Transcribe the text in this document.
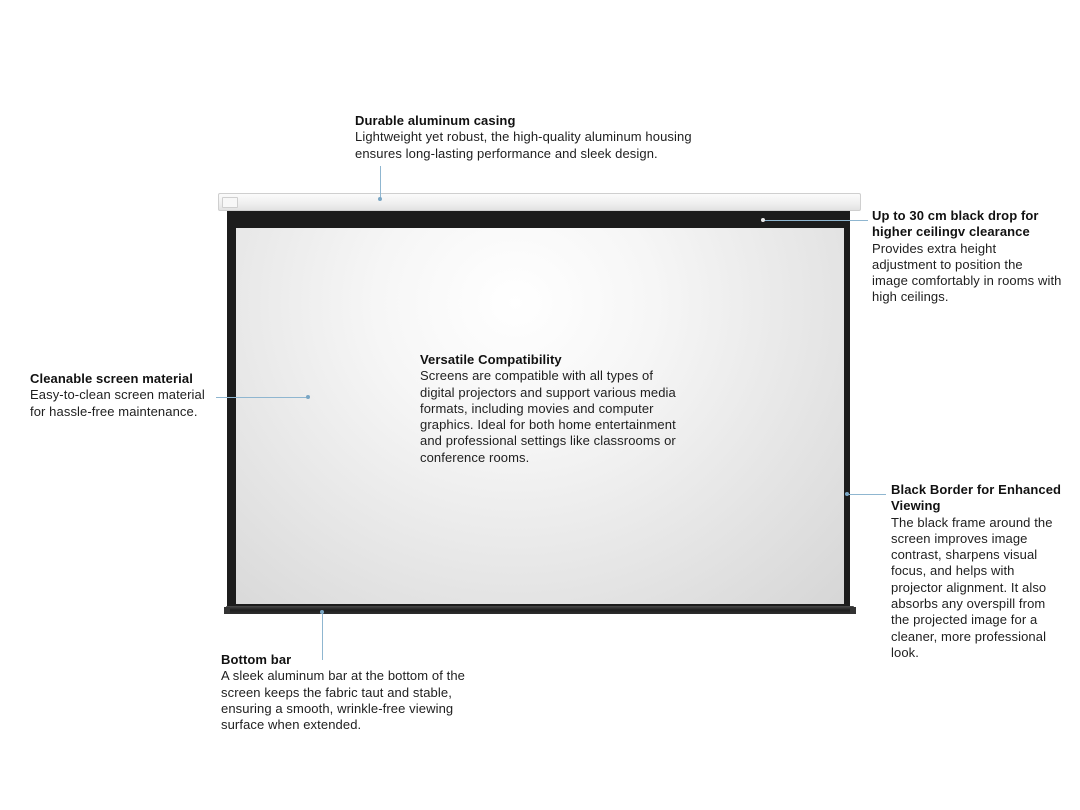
Durable aluminum casing
Lightweight yet robust, the high-quality aluminum housing ensures long-lasting performance and sleek design.
Up to 30 cm black drop for higher ceilingv clearance
Provides extra height adjustment to position the image comfortably in rooms with high ceilings.
Cleanable screen material
Easy-to-clean screen material for hassle-free maintenance.
Versatile Compatibility
Screens are compatible with all types of digital projectors and support various media formats, including movies and computer graphics. Ideal for both home entertainment and professional settings like classrooms or conference rooms.
Black Border for Enhanced Viewing
The black frame around the screen improves image contrast, sharpens visual focus, and helps with projector alignment. It also absorbs any overspill from the projected image for a cleaner, more professional look.
Bottom bar
A sleek aluminum bar at the bottom of the screen keeps the fabric taut and stable, ensuring a smooth, wrinkle-free viewing surface when extended.
